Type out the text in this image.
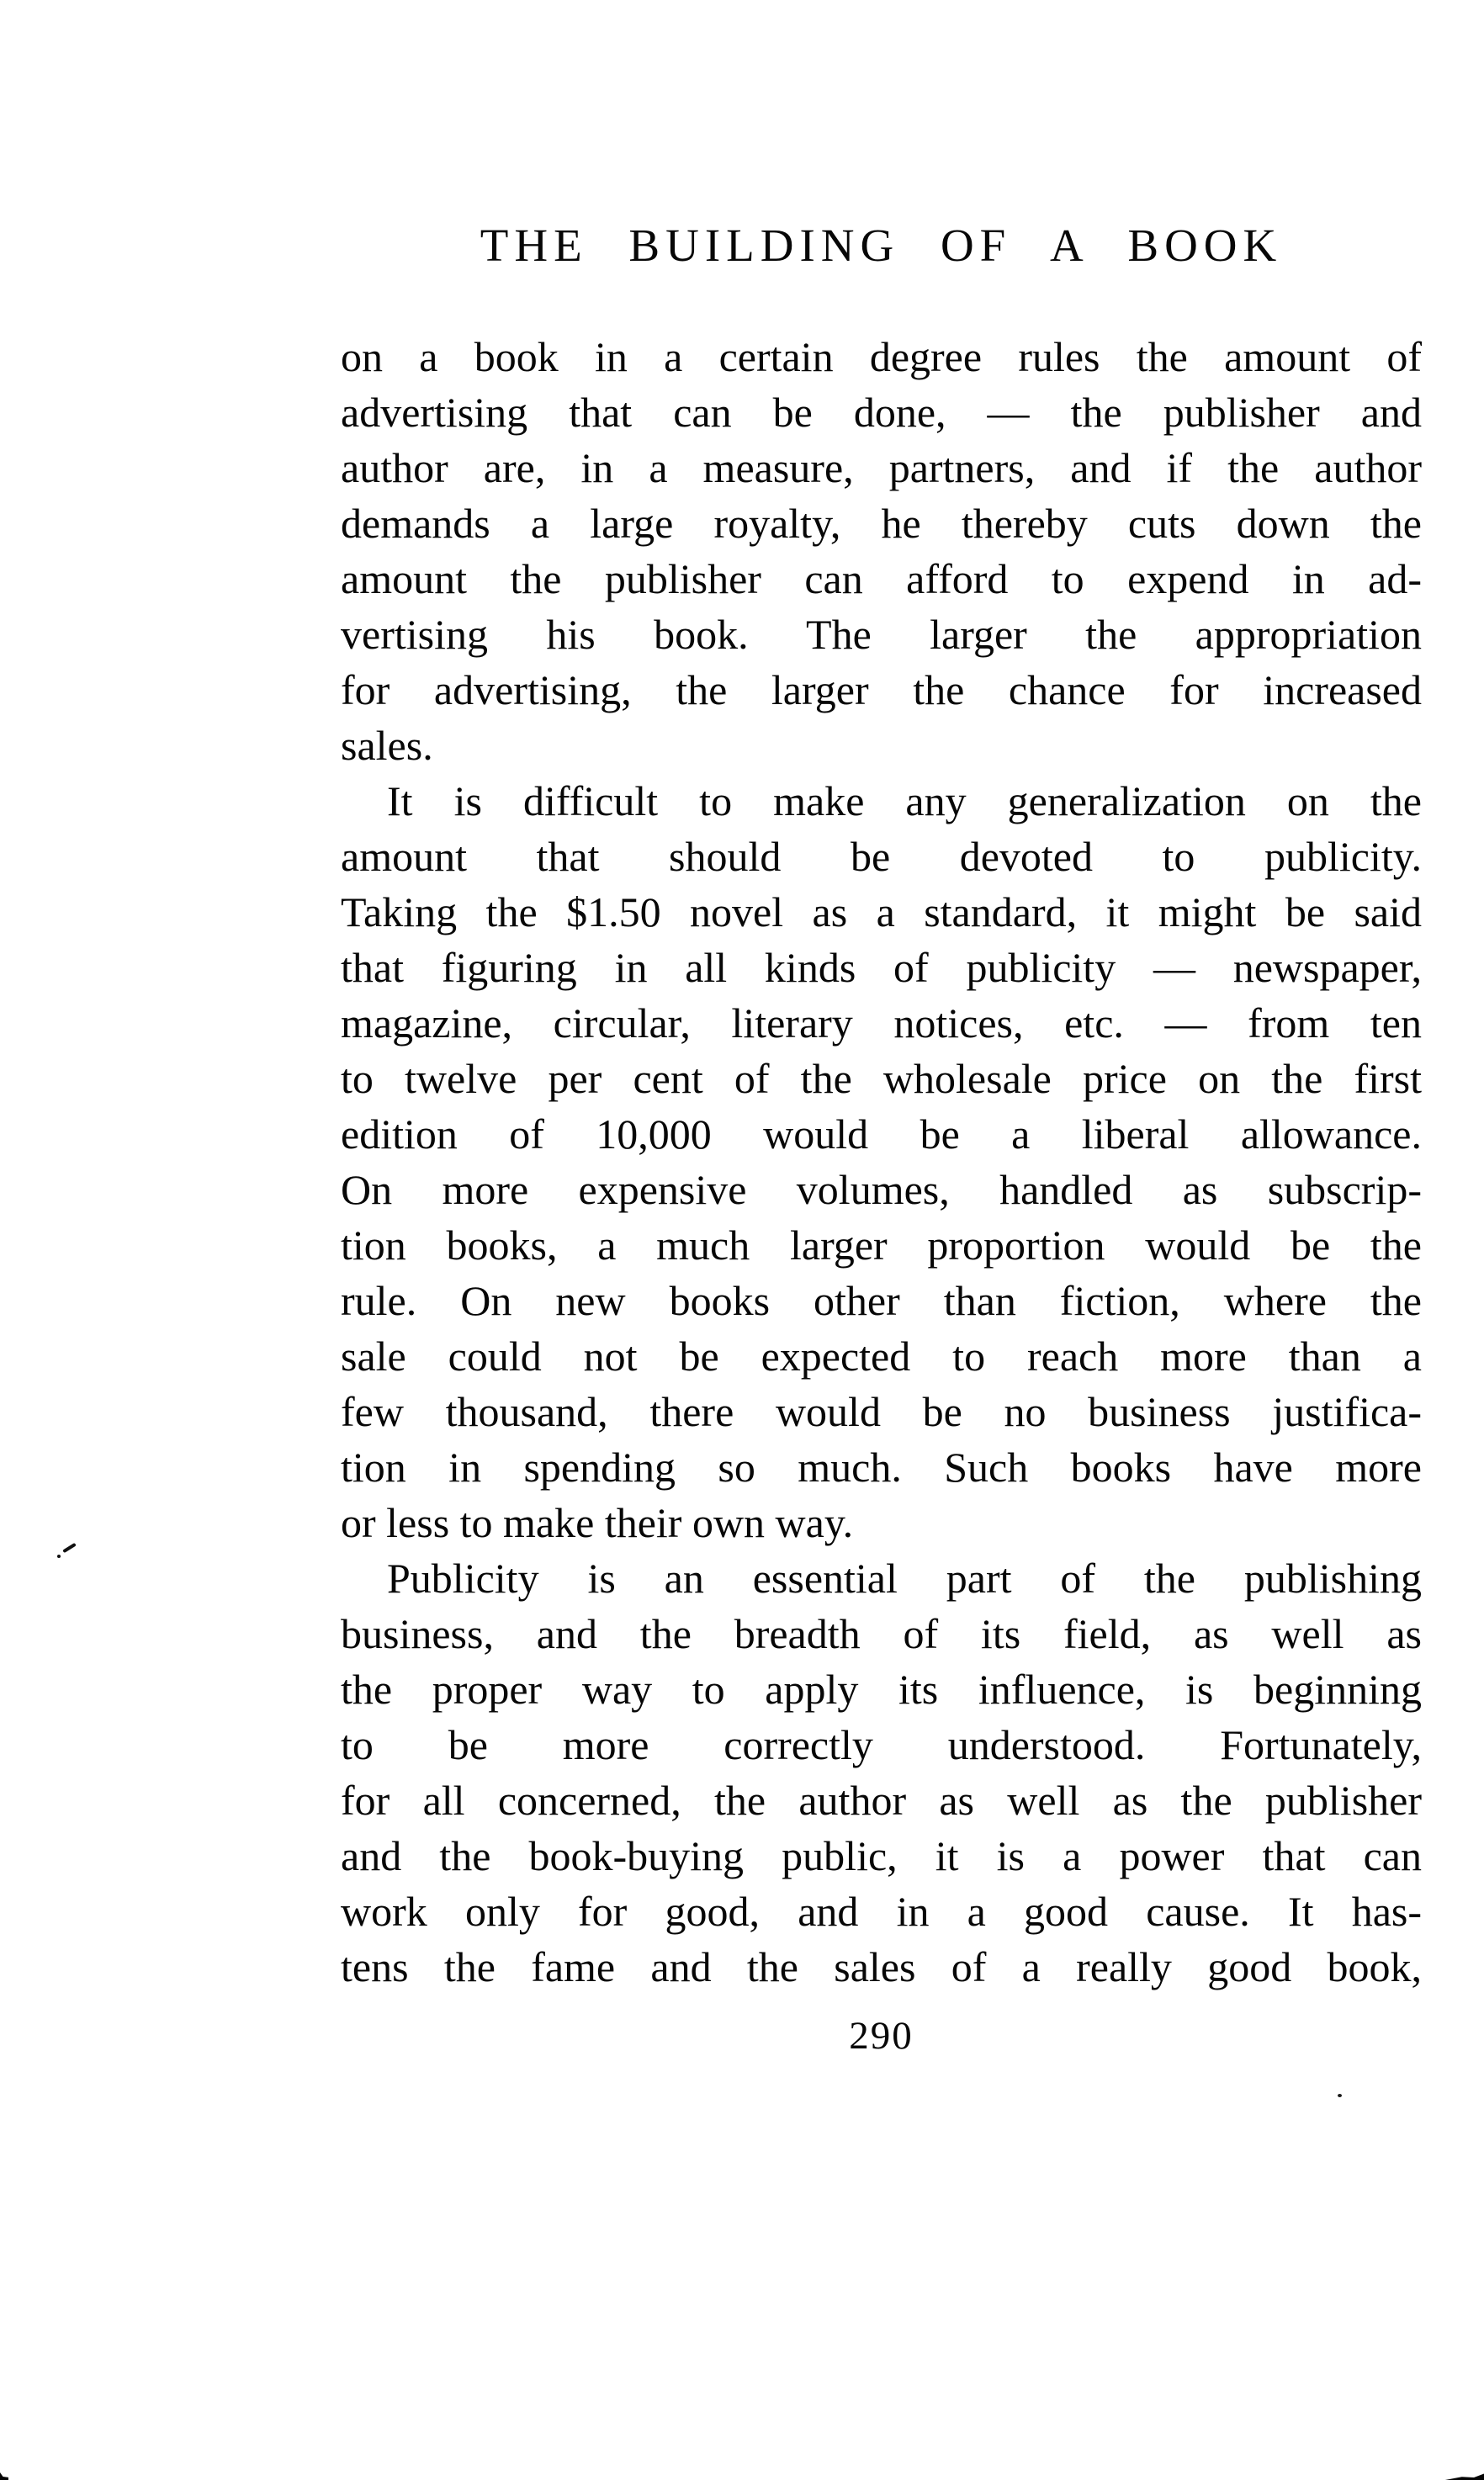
THE BUILDING OF A BOOK
on a book in a certain degree rules the amount of
advertising that can be done, — the publisher and
author are, in a measure, partners, and if the author
demands a large royalty, he thereby cuts down the
amount the publisher can afford to expend in ad-
vertising his book. The larger the appropriation
for advertising, the larger the chance for increased
sales.
It is difficult to make any generalization on the
amount that should be devoted to publicity.
Taking the $1.50 novel as a standard, it might be said
that figuring in all kinds of publicity — newspaper,
magazine, circular, literary notices, etc. — from ten
to twelve per cent of the wholesale price on the first
edition of 10,000 would be a liberal allowance.
On more expensive volumes, handled as subscrip-
tion books, a much larger proportion would be the
rule. On new books other than fiction, where the
sale could not be expected to reach more than a
few thousand, there would be no business justifica-
tion in spending so much. Such books have more
or less to make their own way.
Publicity is an essential part of the publishing
business, and the breadth of its field, as well as
the proper way to apply its influence, is beginning
to be more correctly understood. Fortunately,
for all concerned, the author as well as the publisher
and the book-buying public, it is a power that can
work only for good, and in a good cause. It has-
tens the fame and the sales of a really good book,
290
